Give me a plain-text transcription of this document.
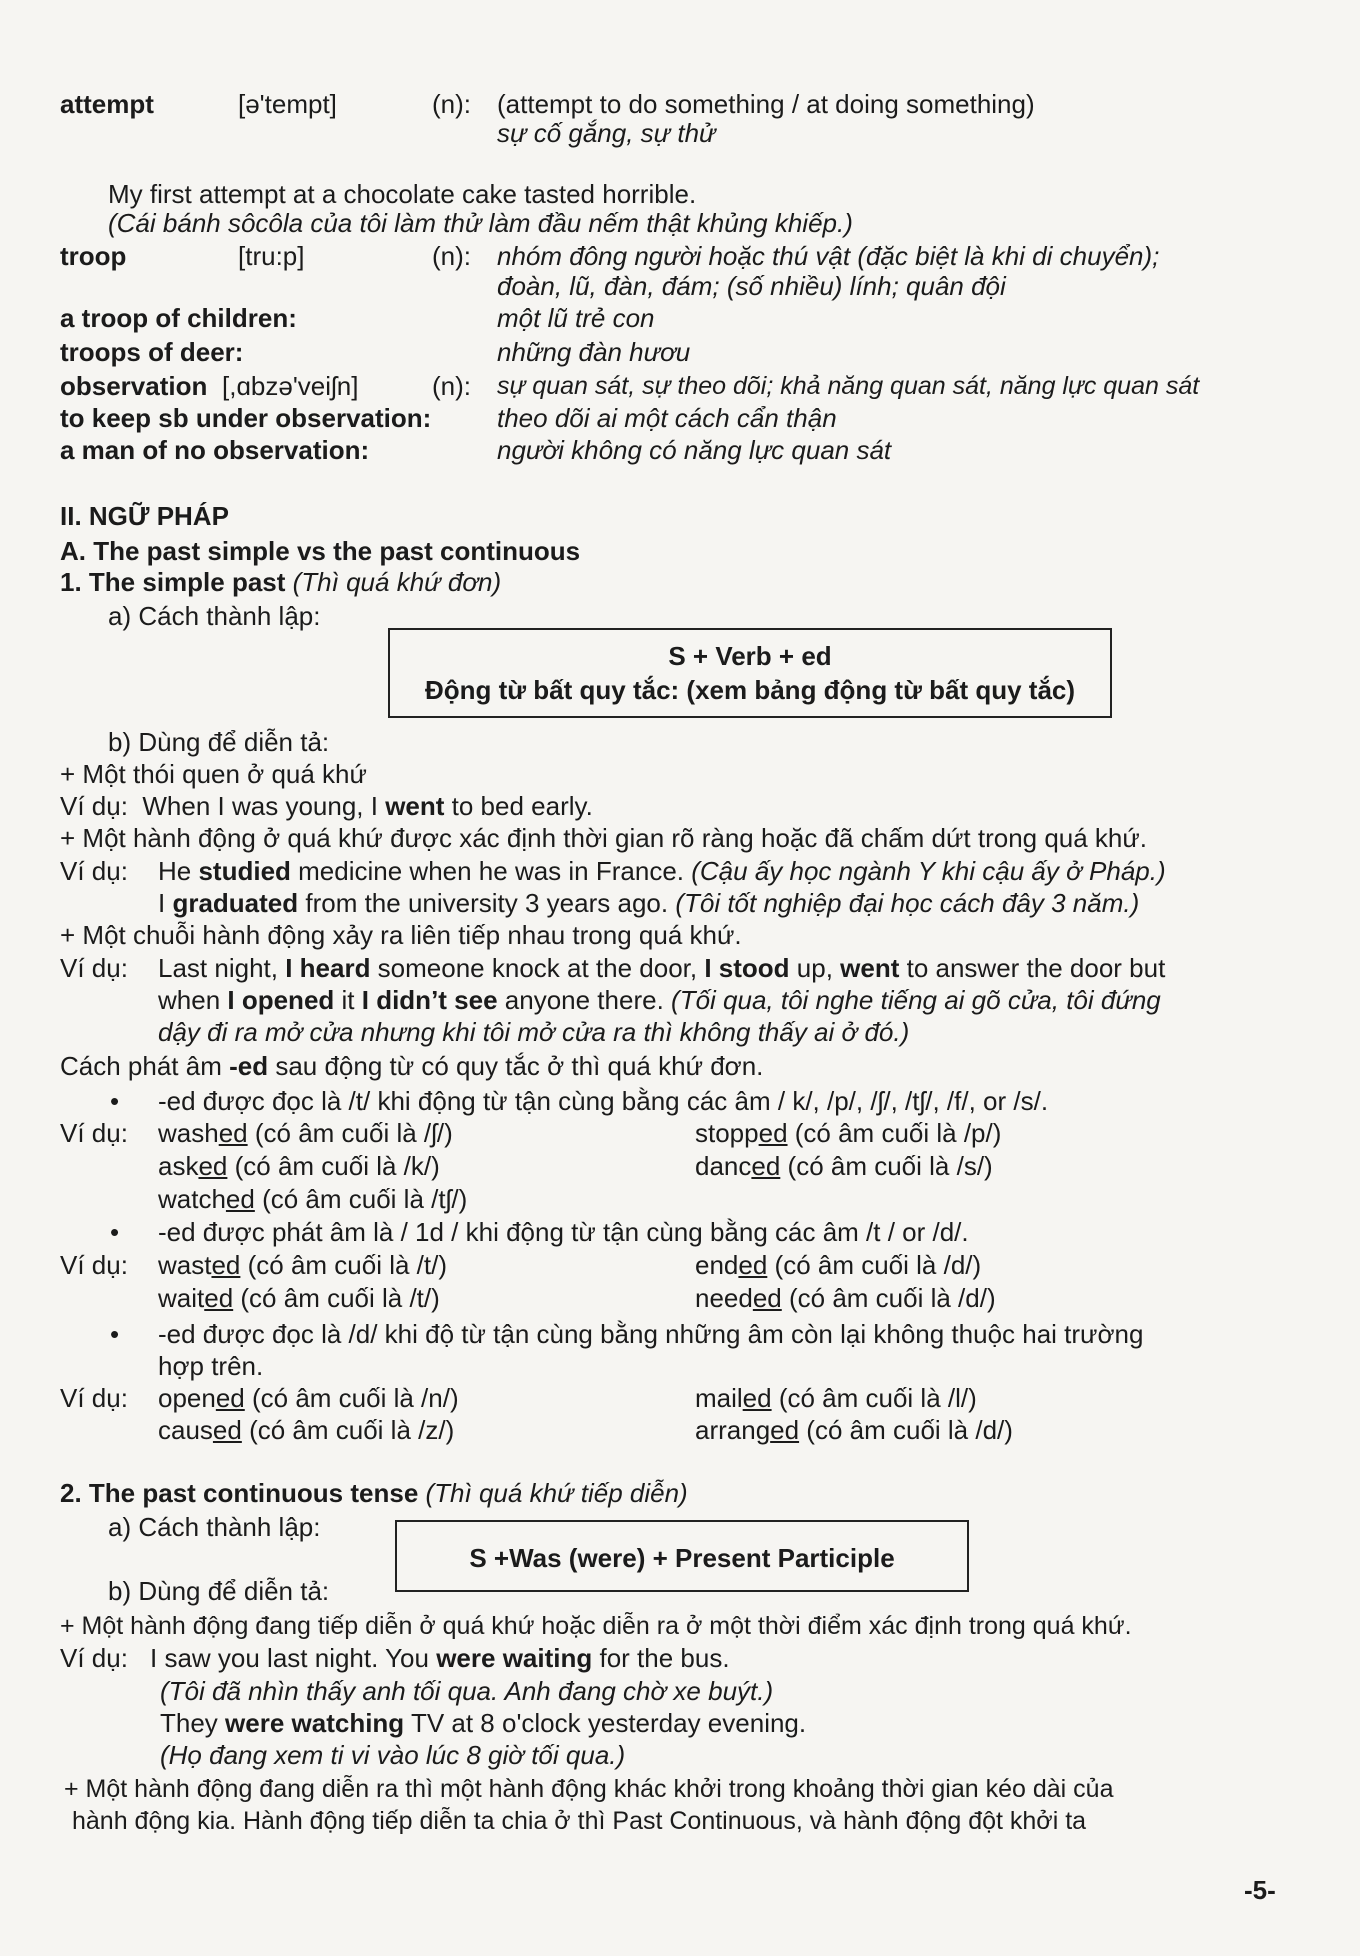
attempt	[ə'tempt]	(n): (attempt to do something / at doing something)
sự cố gắng, sự thử
My first attempt at a chocolate cake tasted horrible.
(Cái bánh sôcôla của tôi làm thử làm đầu nếm thật khủng khiếp.)
troop	[tru:p]	(n): nhóm đông người hoặc thú vật (đặc biệt là khi di chuyển);
đoàn, lũ, đàn, đám; (số nhiều) lính; quân đội
a troop of children:	một lũ trẻ con
troops of deer:	những đàn hươu
observation [,ɑbzə'veiʃn]	(n): sự quan sát, sự theo dõi; khả năng quan sát, năng lực quan sát
to keep sb under observation:	theo dõi ai một cách cẩn thận
a man of no observation:	người không có năng lực quan sát
II. NGỮ PHÁP
A. The past simple vs the past continuous
1. The simple past (Thì quá khứ đơn)
a) Cách thành lập:
S + Verb + ed
Động từ bất quy tắc: (xem bảng động từ bất quy tắc)
b) Dùng để diễn tả:
+ Một thói quen ở quá khứ
Ví dụ: When I was young, I went to bed early.
+ Một hành động ở quá khứ được xác định thời gian rõ ràng hoặc đã chấm dứt trong quá khứ.
Ví dụ: He studied medicine when he was in France. (Cậu ấy học ngành Y khi cậu ấy ở Pháp.)
I graduated from the university 3 years ago. (Tôi tốt nghiệp đại học cách đây 3 năm.)
+ Một chuỗi hành động xảy ra liên tiếp nhau trong quá khứ.
Ví dụ: Last night, I heard someone knock at the door, I stood up, went to answer the door but
when I opened it I didn’t see anyone there. (Tối qua, tôi nghe tiếng ai gõ cửa, tôi đứng
dậy đi ra mở cửa nhưng khi tôi mở cửa ra thì không thấy ai ở đó.)
Cách phát âm -ed sau động từ có quy tắc ở thì quá khứ đơn.
• -ed được đọc là /t/ khi động từ tận cùng bằng các âm / k/, /p/, /ʃ/, /tʃ/, /f/, or /s/.
Ví dụ: washed (có âm cuối là /ʃ/)	stopped (có âm cuối là /p/)
asked (có âm cuối là /k/)	danced (có âm cuối là /s/)
watched (có âm cuối là /tʃ/)
• -ed được phát âm là / 1d / khi động từ tận cùng bằng các âm /t / or /d/.
Ví dụ: wasted (có âm cuối là /t/)	ended (có âm cuối là /d/)
waited (có âm cuối là /t/)	needed (có âm cuối là /d/)
• -ed được đọc là /d/ khi độ từ tận cùng bằng những âm còn lại không thuộc hai trường
hợp trên.
Ví dụ: opened (có âm cuối là /n/)	mailed (có âm cuối là /l/)
caused (có âm cuối là /z/)	arranged (có âm cuối là /d/)
2. The past continuous tense (Thì quá khứ tiếp diễn)
a) Cách thành lập:
S +Was (were) + Present Participle
b) Dùng để diễn tả:
+ Một hành động đang tiếp diễn ở quá khứ hoặc diễn ra ở một thời điểm xác định trong quá khứ.
Ví dụ: I saw you last night. You were waiting for the bus.
(Tôi đã nhìn thấy anh tối qua. Anh đang chờ xe buýt.)
They were watching TV at 8 o'clock yesterday evening.
(Họ đang xem ti vi vào lúc 8 giờ tối qua.)
+ Một hành động đang diễn ra thì một hành động khác khởi trong khoảng thời gian kéo dài của
hành động kia. Hành động tiếp diễn ta chia ở thì Past Continuous, và hành động đột khởi ta
-5-
